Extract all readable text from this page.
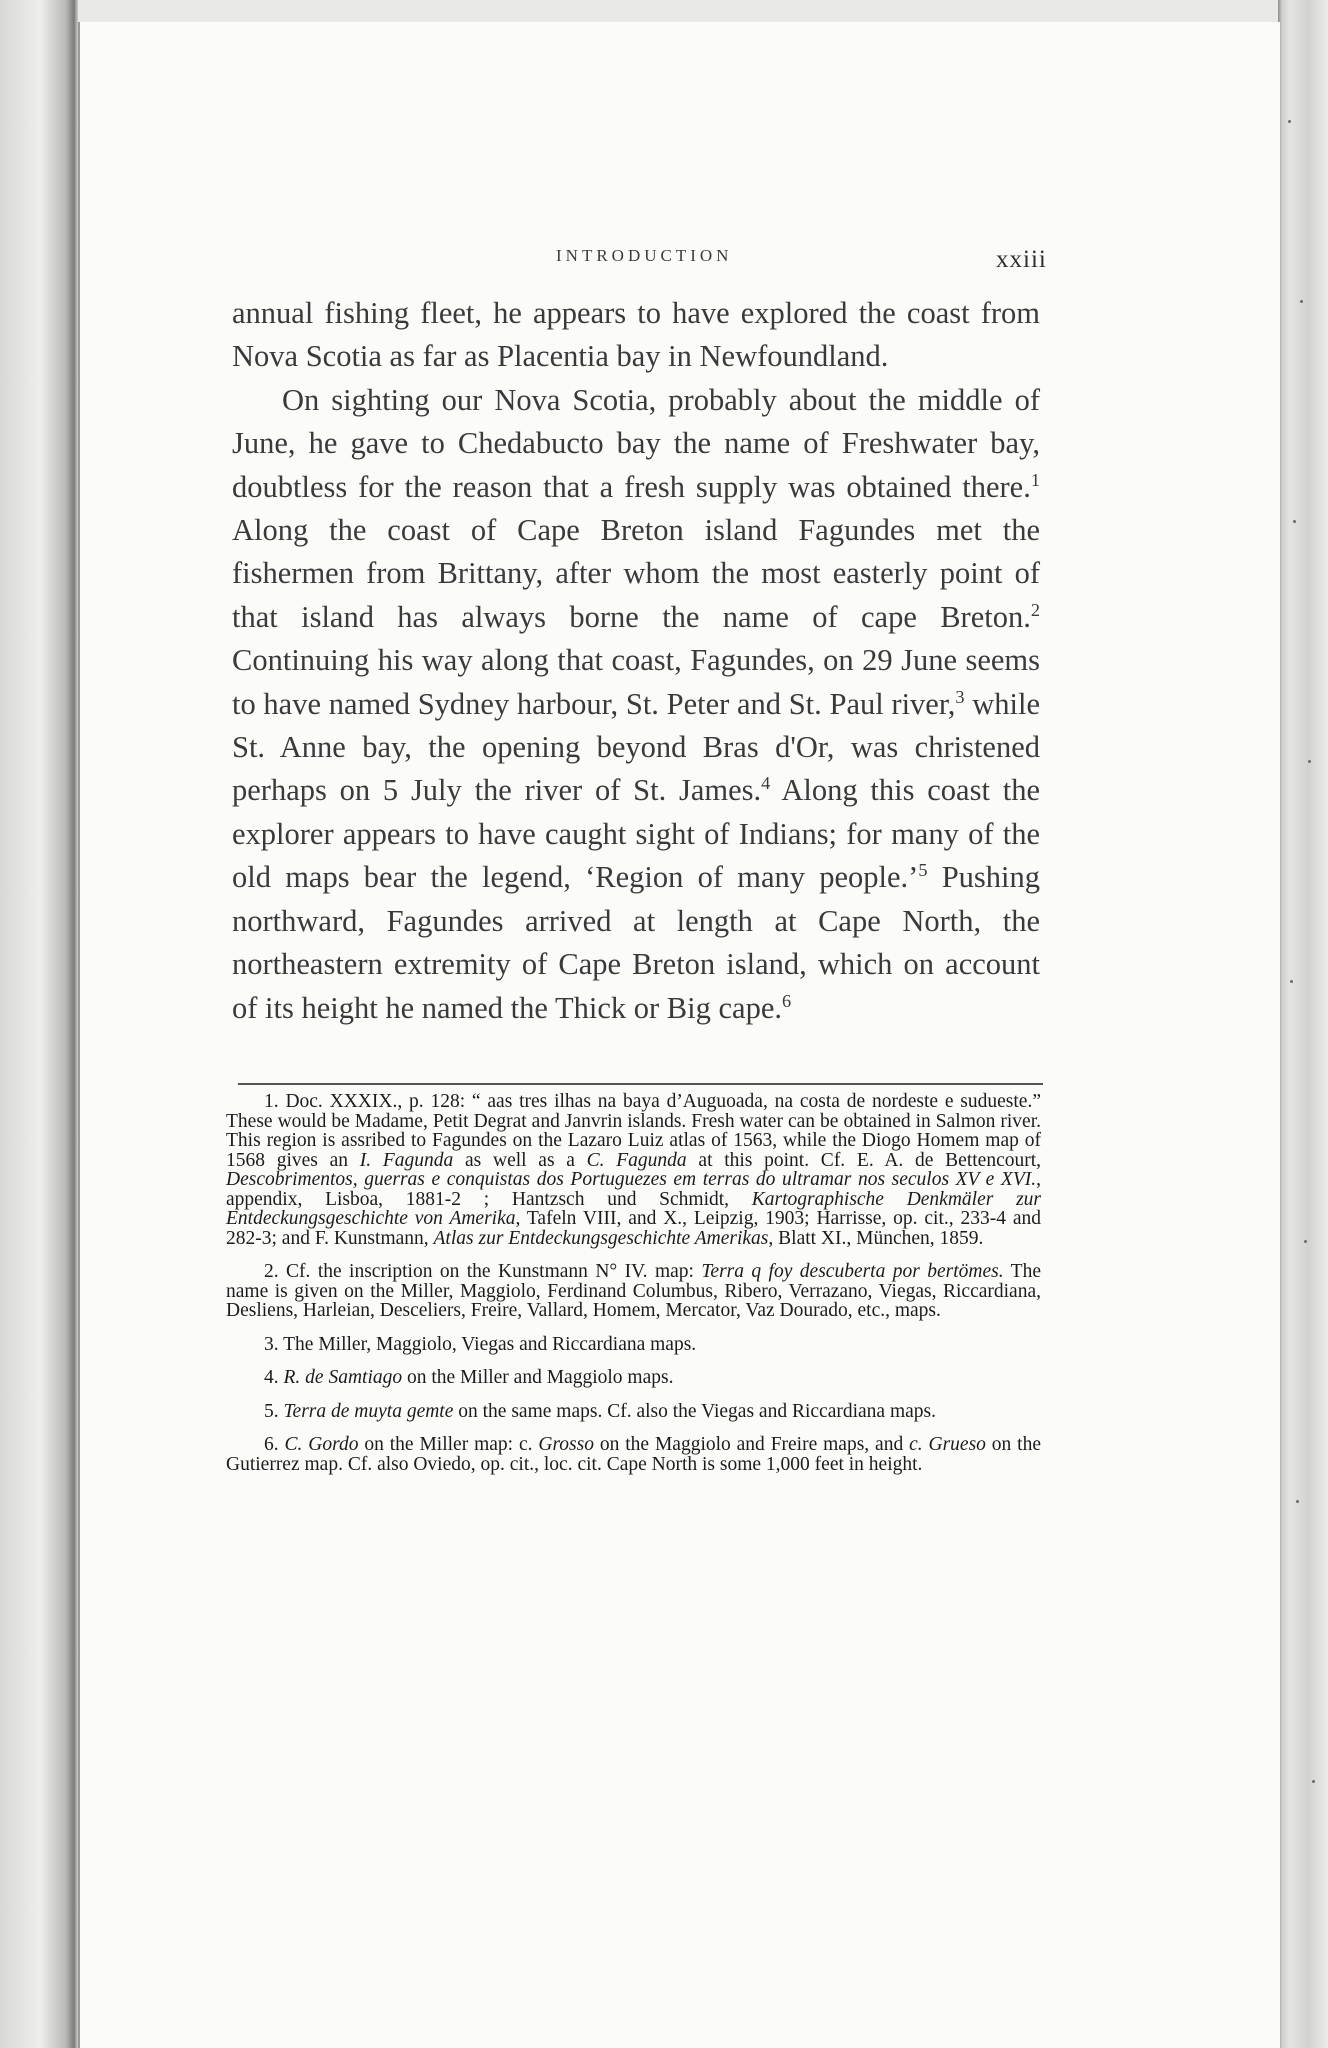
INTRODUCTION	xxiii

annual fishing fleet, he appears to have explored the coast from Nova Scotia as far as Placentia bay in Newfoundland.

On sighting our Nova Scotia, probably about the middle of June, he gave to Chedabucto bay the name of Freshwater bay, doubtless for the reason that a fresh supply was obtained there.$^1$ Along the coast of Cape Breton island Fagundes met the fishermen from Brittany, after whom the most easterly point of that island has always borne the name of cape Breton.$^2$ Continuing his way along that coast, Fagundes, on 29 June seems to have named Sydney harbour, St. Peter and St. Paul river,$^3$ while St. Anne bay, the opening beyond Bras d'Or, was christened perhaps on 5 July the river of St. James.$^4$ Along this coast the explorer appears to have caught sight of Indians; for many of the old maps bear the legend, ‘Region of many people.’$^5$ Pushing northward, Fagundes arrived at length at Cape North, the northeastern extremity of Cape Breton island, which on account of its height he named the Thick or Big cape.$^6$

1. Doc. XXXIX., p. 128: “ aas tres ilhas na baya d’Auguoada, na costa de nordeste e sudueste.” These would be Madame, Petit Degrat and Janvrin islands. Fresh water can be obtained in Salmon river. This region is assribed to Fagundes on the Lazaro Luiz atlas of 1563, while the Diogo Homem map of 1568 gives an I. Fagunda as well as a C. Fagunda at this point. Cf. E. A. de Bettencourt, Descobrimentos, guerras e conquistas dos Portuguezes em terras do ultramar nos seculos XV e XVI., appendix, Lisboa, 1881-2 ; Hantzsch und Schmidt, Kartographische Denkmäler zur Entdeckungsgeschichte von Amerika, Tafeln VIII, and X., Leipzig, 1903; Harrisse, op. cit., 233-4 and 282-3; and F. Kunstmann, Atlas zur Entdeckungsgeschichte Amerikas, Blatt XI., München, 1859.

2. Cf. the inscription on the Kunstmann N° IV. map: Terra q foy descuberta por bertömes. The name is given on the Miller, Maggiolo, Ferdinand Columbus, Ribero, Verrazano, Viegas, Riccardiana, Desliens, Harleian, Desceliers, Freire, Vallard, Homem, Mercator, Vaz Dourado, etc., maps.

3. The Miller, Maggiolo, Viegas and Riccardiana maps.

4. R. de Samtiago on the Miller and Maggiolo maps.

5. Terra de muyta gemte on the same maps. Cf. also the Viegas and Riccardiana maps.

6. C. Gordo on the Miller map: c. Grosso on the Maggiolo and Freire maps, and c. Grueso on the Gutierrez map. Cf. also Oviedo, op. cit., loc. cit. Cape North is some 1,000 feet in height.
